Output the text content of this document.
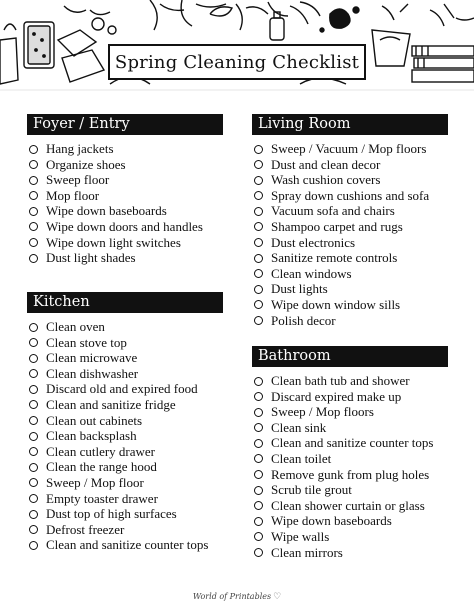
Spring Cleaning Checklist
Foyer / Entry
Hang jackets
Organize shoes
Sweep floor
Mop floor
Wipe down baseboards
Wipe down doors and handles
Wipe down light switches
Dust light shades
Kitchen
Clean oven
Clean stove top
Clean microwave
Clean dishwasher
Discard old and expired food
Clean and sanitize fridge
Clean out cabinets
Clean backsplash
Clean cutlery drawer
Clean the range hood
Sweep / Mop floor
Empty toaster drawer
Dust top of high surfaces
Defrost freezer
Clean and sanitize counter tops
Living Room
Sweep / Vacuum / Mop floors
Dust and clean decor
Wash cushion covers
Spray down cushions and sofa
Vacuum sofa and chairs
Shampoo carpet and rugs
Dust electronics
Sanitize remote controls
Clean windows
Dust lights
Wipe down window sills
Polish decor
Bathroom
Clean bath tub and shower
Discard expired make up
Sweep / Mop floors
Clean sink
Clean and sanitize counter tops
Clean toilet
Remove gunk from plug holes
Scrub tile grout
Clean shower curtain or glass
Wipe down baseboards
Wipe walls
Clean mirrors
World of Printables ♡
